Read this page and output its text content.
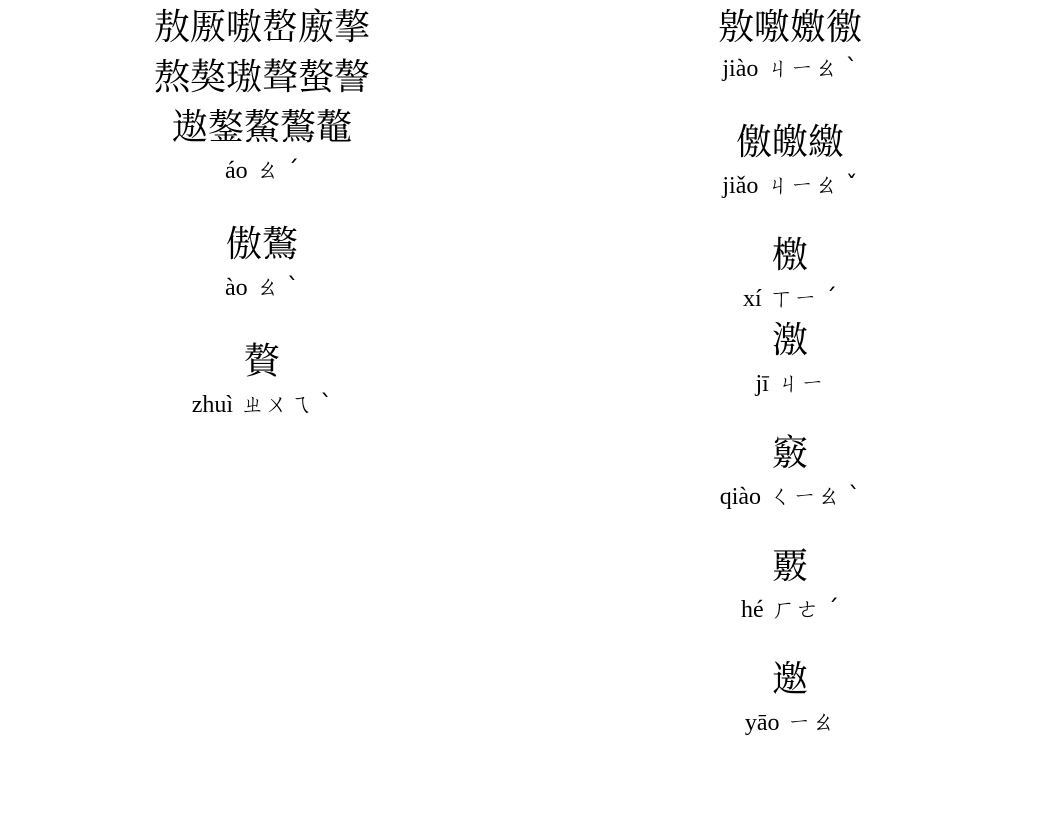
敖厫嗷嶅廒摮
熬獒璈聱螯謷
遨鏊鰲鷔鼇
áo ㄠ ˊ
傲鷔
ào ㄠ ˋ
贅
zhuì ㄓㄨㄟ ˋ
敫噭嬓徼
jiào ㄐㄧㄠ ˋ
儌皦繳
jiǎo ㄐㄧㄠ ˇ
檄
xí ㄒㄧ ˊ
激
jī ㄐㄧ
竅
qiào ㄑㄧㄠ ˋ
覈
hé ㄏㄜ ˊ
邀
yāo ㄧㄠ
